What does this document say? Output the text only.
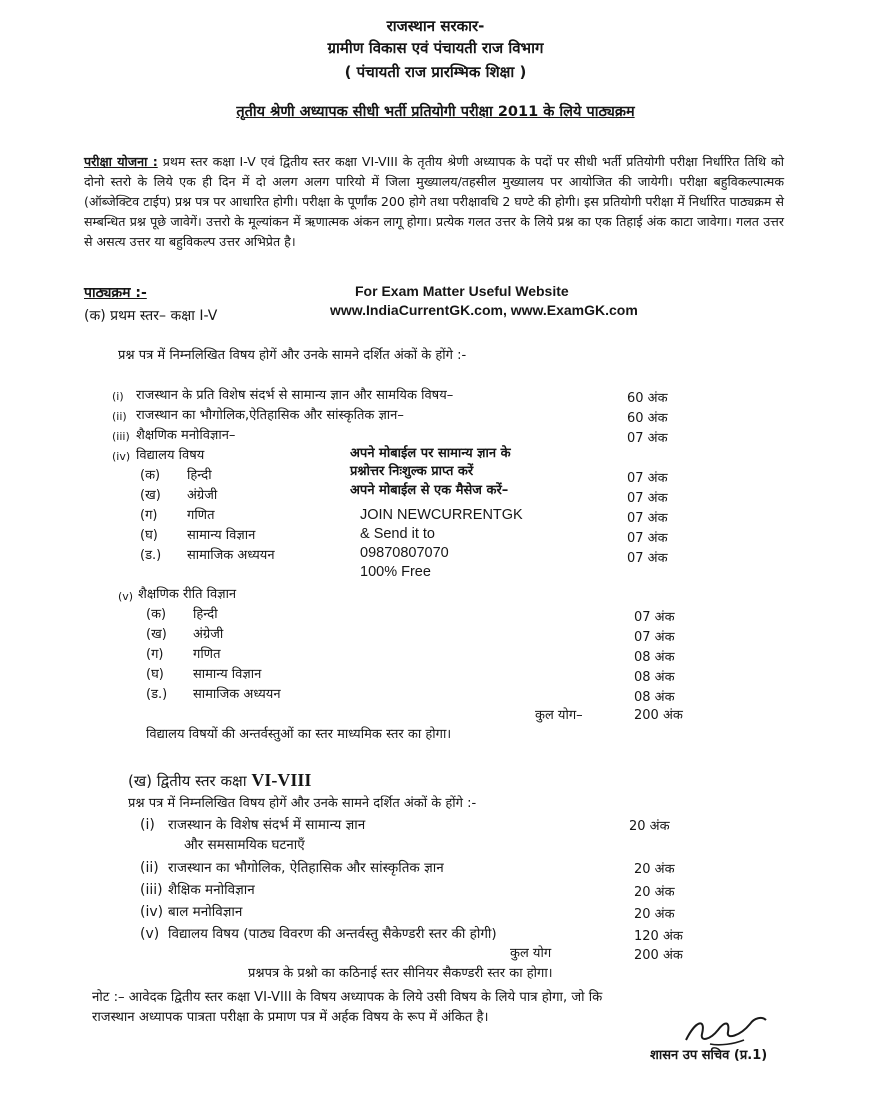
राजस्थान सरकार-
ग्रामीण विकास एवं पंचायती राज विभाग
( पंचायती राज प्रारम्भिक शिक्षा )
तृतीय श्रेणी अध्यापक सीधी भर्ती प्रतियोगी परीक्षा 2011 के लिये पाठ्यक्रम
परीक्षा योजना : प्रथम स्तर कक्षा I-V एवं द्वितीय स्तर कक्षा VI-VIII के तृतीय श्रेणी अध्यापक के पदों पर सीधी भर्ती प्रतियोगी परीक्षा निर्धारित तिथि को दोनो स्तरो के लिये एक ही दिन में दो अलग अलग पारियो में जिला मुख्यालय/तहसील मुख्यालय पर आयोजित की जायेगी। परीक्षा बहुविकल्पात्मक (ऑब्जेक्टिव टाईप) प्रश्न पत्र पर आधारित होगी। परीक्षा के पूर्णांक 200 होगे तथा परीक्षावधि 2 घण्टे की होगी। इस प्रतियोगी परीक्षा में निर्धारित पाठ्यक्रम से सम्बन्धित प्रश्न पूछे जावेगें। उत्तरो के मूल्यांकन में ऋणात्मक अंकन लागू होगा। प्रत्येक गलत उत्तर के लिये प्रश्न का एक तिहाई अंक काटा जावेगा। गलत उत्तर से असत्य उत्तर या बहुविकल्प उत्तर अभिप्रेत है।
पाठ्यक्रम :-
(क) प्रथम स्तर– कक्षा I-V
For Exam Matter Useful Website
www.IndiaCurrentGK.com, www.ExamGK.com
प्रश्न पत्र में निम्नलिखित विषय होगें और उनके सामने दर्शित अंकों के होंगे :-
(i) राजस्थान के प्रति विशेष संदर्भ से सामान्य ज्ञान और सामयिक विषय–	60 अंक
(ii) राजस्थान का भौगोलिक,ऐतिहासिक और सांस्कृतिक ज्ञान–	60 अंक
(iii) शैक्षणिक मनोविज्ञान–	07 अंक
(iv) विद्यालय विषय
(क) हिन्दी	07 अंक
(ख) अंग्रेजी	07 अंक
(ग) गणित	07 अंक
(घ) सामान्य विज्ञान	07 अंक
(ड.) सामाजिक अध्ययन	07 अंक
अपने मोबाईल पर सामान्य ज्ञान के
प्रश्नोत्तर निःशुल्क प्राप्त करें
अपने मोबाईल से एक मैसेज करें–
JOIN NEWCURRENTGK
& Send it to
09870807070
100% Free
(v) शैक्षणिक रीति विज्ञान
(क) हिन्दी	07 अंक
(ख) अंग्रेजी	07 अंक
(ग) गणित	08 अंक
(घ) सामान्य विज्ञान	08 अंक
(ड.) सामाजिक अध्ययन	08 अंक
कुल योग–	200 अंक
विद्यालय विषयों की अन्तर्वस्तुओं का स्तर माध्यमिक स्तर का होगा।
(ख) द्वितीय स्तर कक्षा VI-VIII
प्रश्न पत्र में निम्नलिखित विषय होगें और उनके सामने दर्शित अंकों के होंगे :-
(i) राजस्थान के विशेष संदर्भ में सामान्य ज्ञान
और समसामयिक घटनाएँ
20 अंक
(ii) राजस्थान का भौगोलिक, ऐतिहासिक और सांस्कृतिक ज्ञान	20 अंक
(iii) शैक्षिक मनोविज्ञान	20 अंक
(iv) बाल मनोविज्ञान	20 अंक
(v) विद्यालय विषय (पाठ्य विवरण की अन्तर्वस्तु सैकेण्डरी स्तर की होगी)	120 अंक
कुल योग	200 अंक
प्रश्नपत्र के प्रश्नो का कठिनाई स्तर सीनियर सैकण्डरी स्तर का होगा।
नोट :– आवेदक द्वितीय स्तर कक्षा VI-VIII के विषय अध्यापक के लिये उसी विषय के लिये पात्र होगा, जो कि
राजस्थान अध्यापक पात्रता परीक्षा के प्रमाण पत्र में अर्हक विषय के रूप में अंकित है।
शासन उप सचिव (प्र.1)
